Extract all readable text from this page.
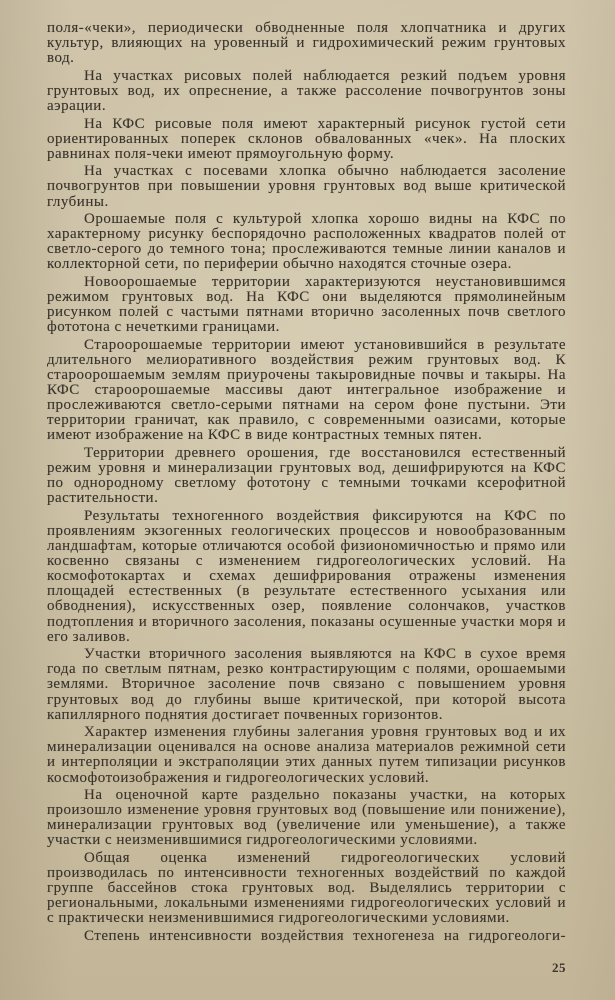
поля-«чеки», периодически обводненные поля хлопчатника и других культур, влияющих на уровенный и гидрохимический режим грунтовых вод.

На участках рисовых полей наблюдается резкий подъем уровня грунтовых вод, их опреснение, а также рассоление почвогрунтов зоны аэрации.

На КФС рисовые поля имеют характерный рисунок густой сети ориентированных поперек склонов обвалованных «чек». На плоских равнинах поля-чеки имеют прямоугольную форму.

На участках с посевами хлопка обычно наблюдается засоление почвогрунтов при повышении уровня грунтовых вод выше критической глубины.

Орошаемые поля с культурой хлопка хорошо видны на КФС по характерному рисунку беспорядочно расположенных квадратов полей от светло-серого до темного тона; прослеживаются темные линии каналов и коллекторной сети, по периферии обычно находятся сточные озера.

Новоорошаемые территории характеризуются неустановившимся режимом грунтовых вод. На КФС они выделяются прямолинейным рисунком полей с частыми пятнами вторично засоленных почв светлого фототона с нечеткими границами.

Староорошаемые территории имеют установившийся в результате длительного мелиоративного воздействия режим грунтовых вод. К староорошаемым землям приурочены такыровидные почвы и такыры. На КФС староорошаемые массивы дают интегральное изображение и прослеживаются светло-серыми пятнами на сером фоне пустыни. Эти территории граничат, как правило, с современными оазисами, которые имеют изображение на КФС в виде контрастных темных пятен.

Территории древнего орошения, где восстановился естественный режим уровня и минерализации грунтовых вод, дешифрируются на КФС по однородному светлому фототону с темными точками ксерофитной растительности.

Результаты техногенного воздействия фиксируются на КФС по проявлениям экзогенных геологических процессов и новообразованным ландшафтам, которые отличаются особой физиономичностью и прямо или косвенно связаны с изменением гидрогеологических условий. На космофотокартах и схемах дешифрирования отражены изменения площадей естественных (в результате естественного усыхания или обводнения), искусственных озер, появление солончаков, участков подтопления и вторичного засоления, показаны осушенные участки моря и его заливов.

Участки вторичного засоления выявляются на КФС в сухое время года по светлым пятнам, резко контрастирующим с полями, орошаемыми землями. Вторичное засоление почв связано с повышением уровня грунтовых вод до глубины выше критической, при которой высота капиллярного поднятия достигает почвенных горизонтов.

Характер изменения глубины залегания уровня грунтовых вод и их минерализации оценивался на основе анализа материалов режимной сети и интерполяции и экстраполяции этих данных путем типизации рисунков космофотоизображения и гидрогеологических условий.

На оценочной карте раздельно показаны участки, на которых произошло изменение уровня грунтовых вод (повышение или понижение), минерализации грунтовых вод (увеличение или уменьшение), а также участки с неизменившимися гидрогеологическими условиями.

Общая оценка изменений гидрогеологических условий производилась по интенсивности техногенных воздействий по каждой группе бассейнов стока грунтовых вод. Выделялись территории с региональными, локальными изменениями гидрогеологических условий и с практически неизменившимися гидрогеологическими условиями.

Степень интенсивности воздействия техногенеза на гидрогеологи-

25
